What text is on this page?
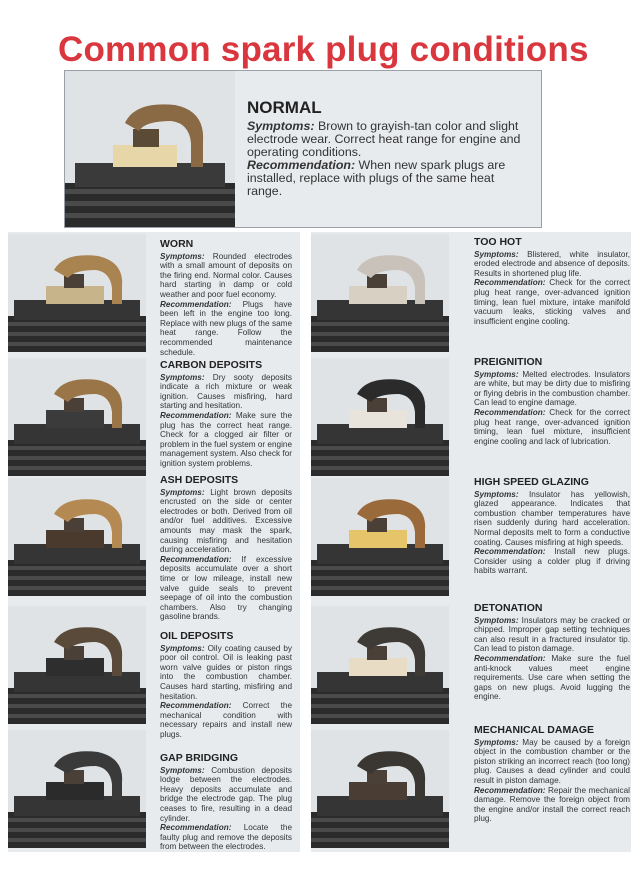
Common spark plug conditions
NORMAL

Symptoms: Brown to grayish-tan color and slight electrode wear. Correct heat range for engine and operating conditions.

Recommendation: When new spark plugs are installed, replace with plugs of the same heat range.

WORN

Symptoms: Rounded electrodes with a small amount of deposits on the firing end. Normal color. Causes hard starting in damp or cold weather and poor fuel economy.

Recommendation: Plugs have been left in the engine too long. Replace with new plugs of the same heat range. Follow the recommended maintenance schedule.

CARBON DEPOSITS

Symptoms: Dry sooty deposits indicate a rich mixture or weak ignition. Causes misfiring, hard starting and hesitation.

Recommendation: Make sure the plug has the correct heat range. Check for a clogged air filter or problem in the fuel system or engine management system. Also check for ignition system problems.

ASH DEPOSITS

Symptoms: Light brown deposits encrusted on the side or center electrodes or both. Derived from oil and/or fuel additives. Excessive amounts may mask the spark, causing misfiring and hesitation during acceleration.

Recommendation: If excessive deposits accumulate over a short time or low mileage, install new valve guide seals to prevent seepage of oil into the combustion chambers. Also try changing gasoline brands.

OIL DEPOSITS

Symptoms: Oily coating caused by poor oil control. Oil is leaking past worn valve guides or piston rings into the combustion chamber. Causes hard starting, misfiring and hesitation.

Recommendation: Correct the mechanical condition with necessary repairs and install new plugs.

GAP BRIDGING

Symptoms: Combustion deposits lodge between the electrodes. Heavy deposits accumulate and bridge the electrode gap. The plug ceases to fire, resulting in a dead cylinder.

Recommendation: Locate the faulty plug and remove the deposits from between the electrodes.

TOO HOT

Symptoms: Blistered, white insulator, eroded electrode and absence of deposits. Results in shortened plug life.

Recommendation: Check for the correct plug heat range, over-advanced ignition timing, lean fuel mixture, intake manifold vacuum leaks, sticking valves and insufficient engine cooling.

PREIGNITION

Symptoms: Melted electrodes. Insulators are white, but may be dirty due to misfiring or flying debris in the combustion chamber. Can lead to engine damage.

Recommendation: Check for the correct plug heat range, over-advanced ignition timing, lean fuel mixture, insufficient engine cooling and lack of lubrication.

HIGH SPEED GLAZING

Symptoms: Insulator has yellowish, glazed appearance. Indicates that combustion chamber temperatures have risen suddenly during hard acceleration. Normal deposits melt to form a conductive coating. Causes misfiring at high speeds.

Recommendation: Install new plugs. Consider using a colder plug if driving habits warrant.

DETONATION

Symptoms: Insulators may be cracked or chipped. Improper gap setting techniques can also result in a fractured insulator tip. Can lead to piston damage.

Recommendation: Make sure the fuel anti-knock values meet engine requirements. Use care when setting the gaps on new plugs. Avoid lugging the engine.

MECHANICAL DAMAGE

Symptoms: May be caused by a foreign object in the combustion chamber or the piston striking an incorrect reach (too long) plug. Causes a dead cylinder and could result in piston damage.

Recommendation: Repair the mechanical damage. Remove the foreign object from the engine and/or install the correct reach plug.
